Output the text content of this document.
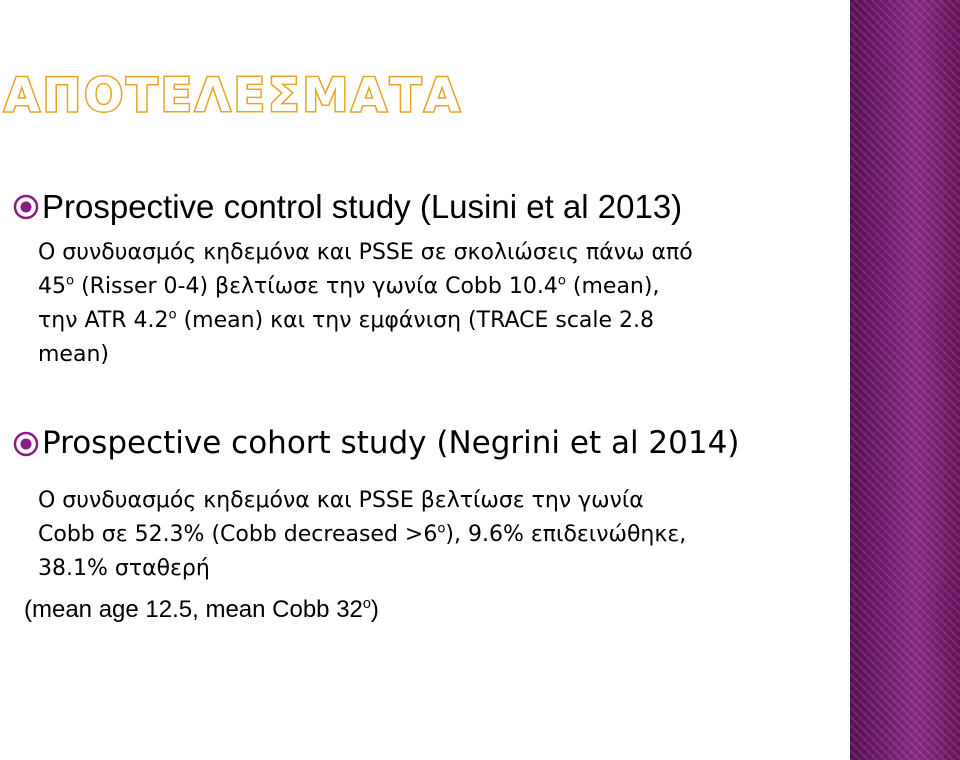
ΑΠΟΤΕΛΕΣΜΑΤΑ
Prospective control study (Lusini et al 2013)

Ο συνδυασμός κηδεμόνα και PSSE σε σκολιώσεις πάνω από

45$^o$ (Risser 0-4) βελτίωσε την γωνία Cobb 10.4$^o$ (mean),

την ATR 4.2$^o$ (mean) και την εμφάνιση (TRACE scale 2.8

mean)

Prospective cohort study (Negrini et al 2014)

Ο συνδυασμός κηδεμόνα και PSSE βελτίωσε την γωνία

Cobb σε 52.3% (Cobb decreased $>6^o$), 9.6% επιδεινώθηκε,

38.1% σταθερή

(mean age 12.5, mean Cobb 32$^o$)
